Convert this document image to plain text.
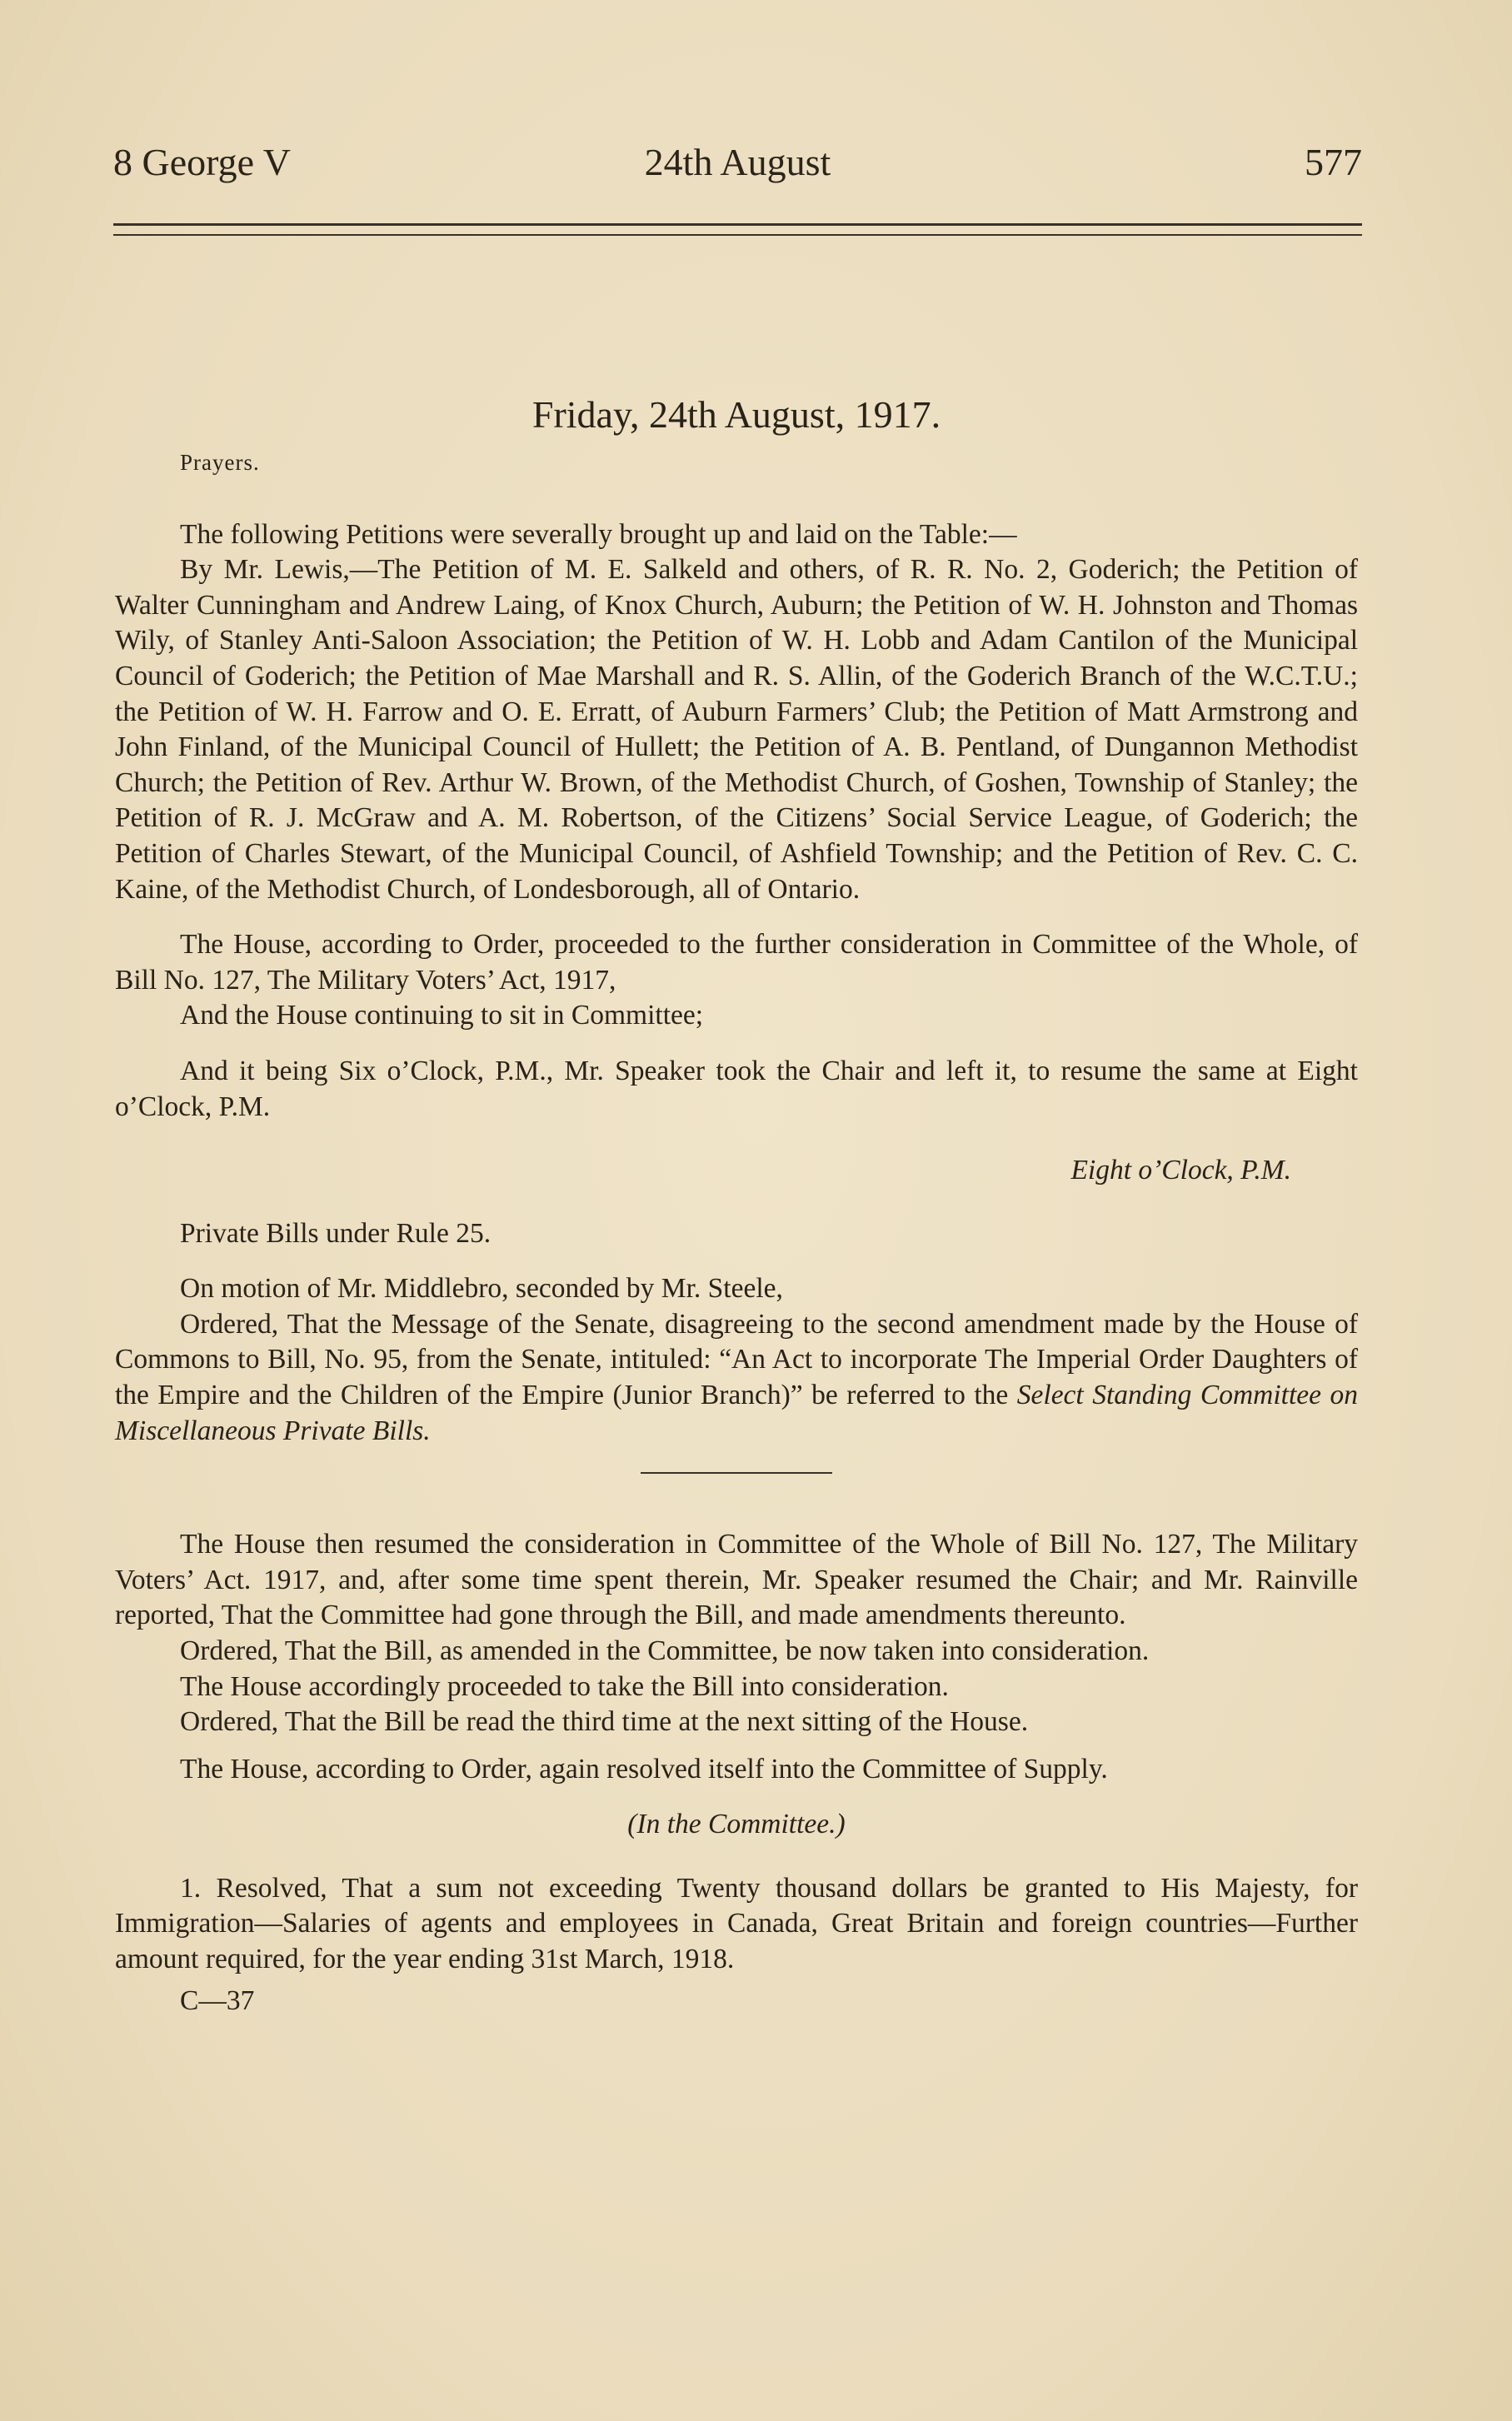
8 George V	24th August	577
Friday, 24th August, 1917.
Prayers.

The following Petitions were severally brought up and laid on the Table:—

By Mr. Lewis,—The Petition of M. E. Salkeld and others, of R. R. No. 2, Goderich; the Petition of Walter Cunningham and Andrew Laing, of Knox Church, Auburn; the Petition of W. H. Johnston and Thomas Wily, of Stanley Anti-Saloon Association; the Petition of W. H. Lobb and Adam Cantilon of the Municipal Council of Goderich; the Petition of Mae Marshall and R. S. Allin, of the Goderich Branch of the W.C.T.U.; the Petition of W. H. Farrow and O. E. Erratt, of Auburn Farmers’ Club; the Petition of Matt Armstrong and John Finland, of the Municipal Council of Hullett; the Petition of A. B. Pentland, of Dungannon Methodist Church; the Petition of Rev. Arthur W. Brown, of the Methodist Church, of Goshen, Township of Stanley; the Petition of R. J. McGraw and A. M. Robertson, of the Citizens’ Social Service League, of Goderich; the Petition of Charles Stewart, of the Municipal Council, of Ashfield Township; and the Petition of Rev. C. C. Kaine, of the Methodist Church, of Londesborough, all of Ontario.

The House, according to Order, proceeded to the further consideration in Committee of the Whole, of Bill No. 127, The Military Voters’ Act, 1917,

And the House continuing to sit in Committee;

And it being Six o’Clock, P.M., Mr. Speaker took the Chair and left it, to resume the same at Eight o’Clock, P.M.

Eight o’Clock, P.M.

Private Bills under Rule 25.

On motion of Mr. Middlebro, seconded by Mr. Steele,

Ordered, That the Message of the Senate, disagreeing to the second amendment made by the House of Commons to Bill, No. 95, from the Senate, intituled: “An Act to incorporate The Imperial Order Daughters of the Empire and the Children of the Empire (Junior Branch)” be referred to the Select Standing Committee on Miscellaneous Private Bills.

The House then resumed the consideration in Committee of the Whole of Bill No. 127, The Military Voters’ Act. 1917, and, after some time spent therein, Mr. Speaker resumed the Chair; and Mr. Rainville reported, That the Committee had gone through the Bill, and made amendments thereunto.

Ordered, That the Bill, as amended in the Committee, be now taken into consideration.

The House accordingly proceeded to take the Bill into consideration.

Ordered, That the Bill be read the third time at the next sitting of the House.

The House, according to Order, again resolved itself into the Committee of Supply.

(In the Committee.)

1. Resolved, That a sum not exceeding Twenty thousand dollars be granted to His Majesty, for Immigration—Salaries of agents and employees in Canada, Great Britain and foreign countries—Further amount required, for the year ending 31st March, 1918.

C—37
